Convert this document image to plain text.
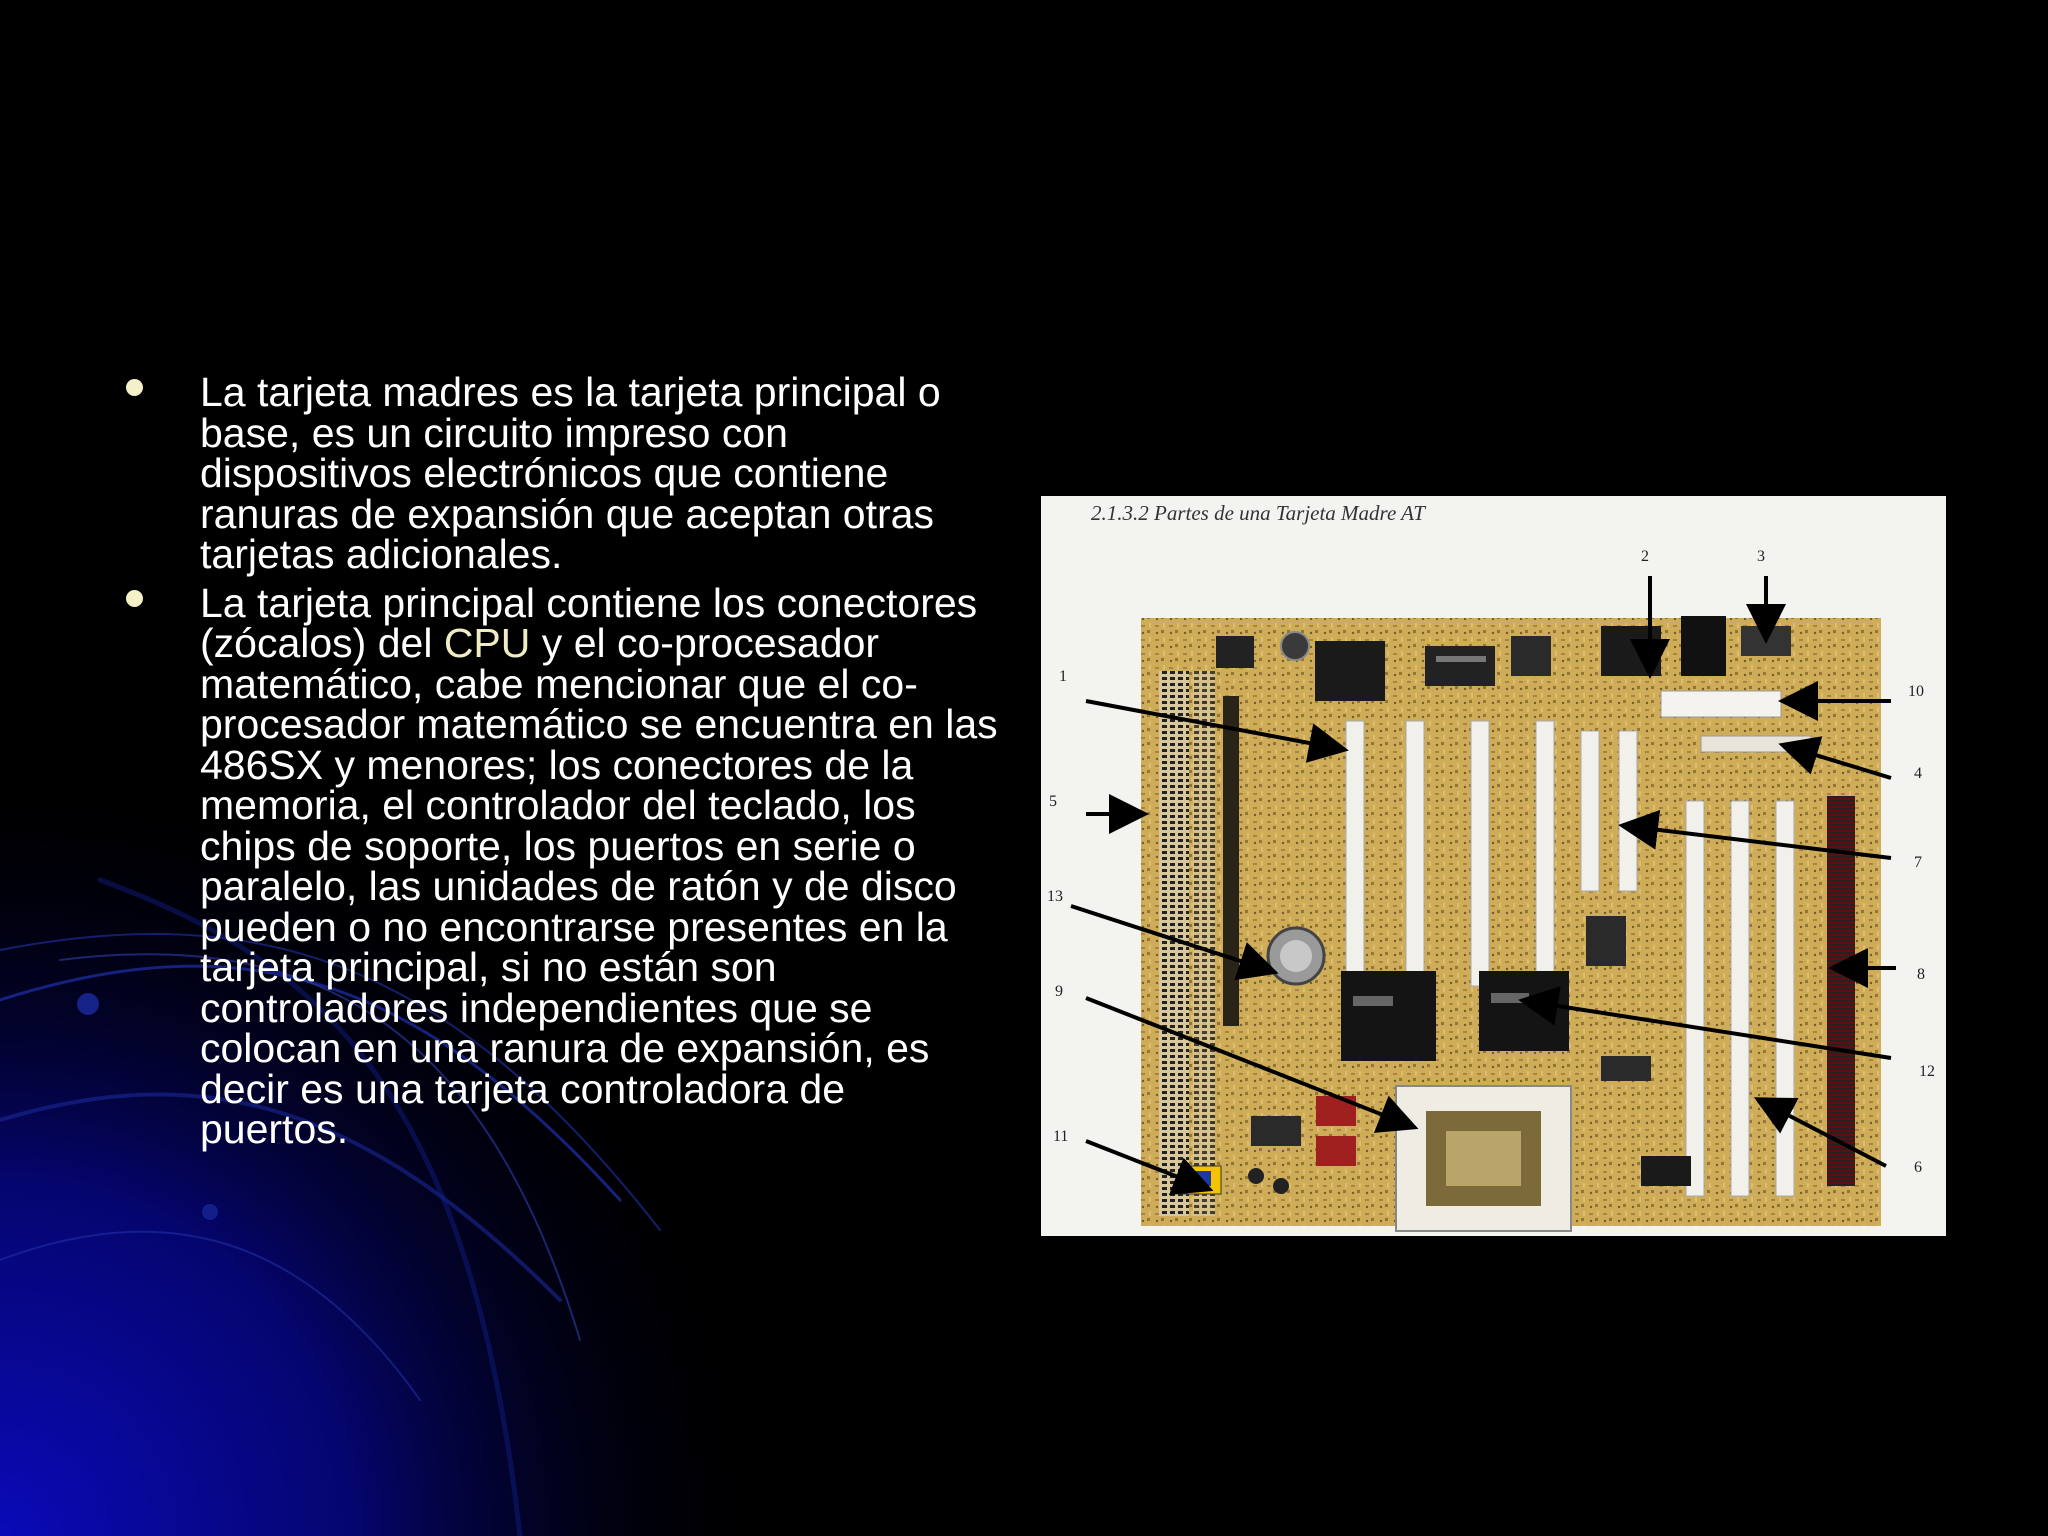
La tarjeta madres es la tarjeta principal o base, es un circuito impreso con dispositivos electrónicos que contiene ranuras de expansión que aceptan otras tarjetas adicionales.
La tarjeta principal contiene los conectores (zócalos) del CPU y el co-procesador matemático, cabe mencionar que el co-procesador matemático se encuentra en las 486SX y menores; los conectores de la memoria, el controlador del teclado, los chips de soporte, los puertos en serie o paralelo, las unidades de ratón y de disco pueden o no encontrarse presentes en la tarjeta principal, si no están son controladores independientes que se colocan en una ranura de expansión, es decir es una tarjeta controladora de puertos.
2.1.3.2 Partes de una Tarjeta Madre AT
1
2	3
4
5
6
7
8
9
10
11
12
13
